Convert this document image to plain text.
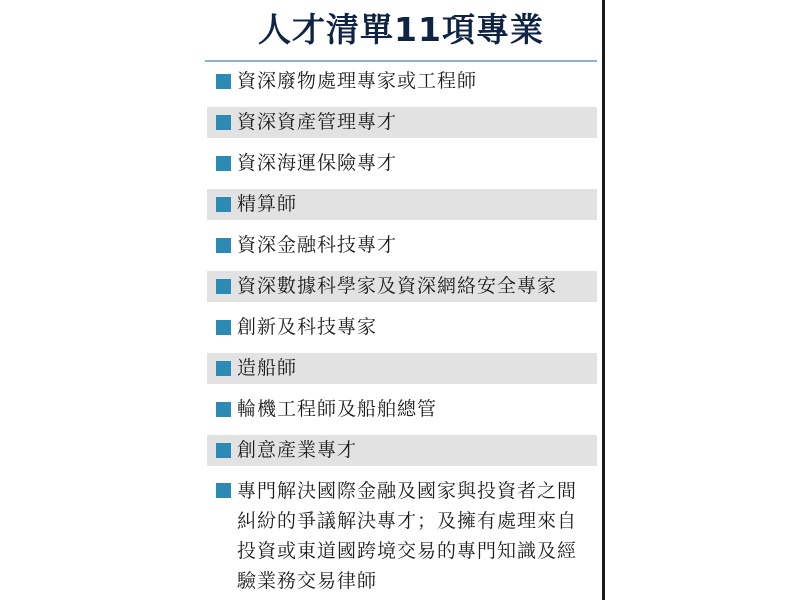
人才清單11項專業
資深廢物處理專家或工程師
資深資產管理專才
資深海運保險專才
精算師
資深金融科技專才
資深數據科學家及資深網絡安全專家
創新及科技專家
造船師
輪機工程師及船舶總管
創意產業專才
專門解決國際金融及國家與投資者之間糾紛的爭議解決專才；及擁有處理來自投資或東道國跨境交易的專門知識及經驗業務交易律師
